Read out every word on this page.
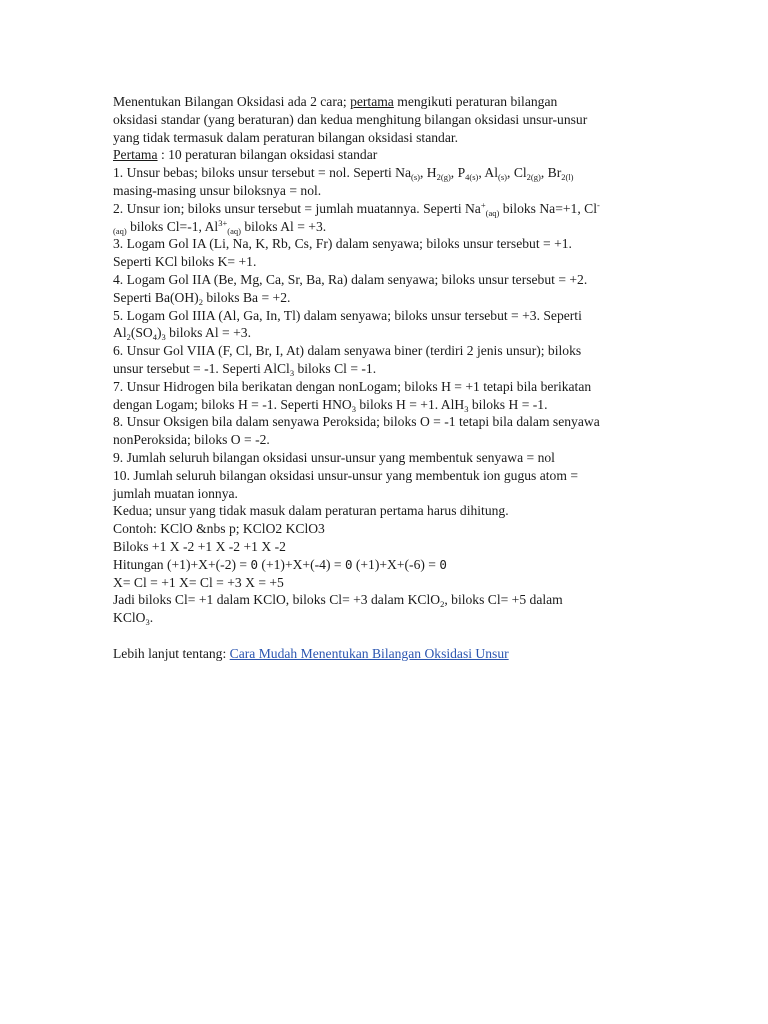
Menentukan Bilangan Oksidasi ada 2 cara; pertama mengikuti peraturan bilangan
oksidasi standar (yang beraturan) dan kedua menghitung bilangan oksidasi unsur-unsur
yang tidak termasuk dalam peraturan bilangan oksidasi standar.
Pertama : 10 peraturan bilangan oksidasi standar
1. Unsur bebas; biloks unsur tersebut = nol. Seperti $Na_{(s)}$, $H_{2(g)}$, $P_{4(s)}$, $Al_{(s)}$, $Cl_{2(g)}$, $Br_{2(l)}$
masing-masing unsur biloksnya = nol.
2. Unsur ion; biloks unsur tersebut = jumlah muatannya. Seperti $Na^+_{(aq)}$ biloks Na=+1, Cl-
$_{(aq)}$ biloks Cl=-1, $Al^{3+}_{(aq)}$ biloks Al = +3.
3. Logam Gol IA (Li, Na, K, Rb, Cs, Fr) dalam senyawa; biloks unsur tersebut = +1.
Seperti KCl biloks K= +1.
4. Logam Gol IIA (Be, Mg, Ca, Sr, Ba, Ra) dalam senyawa; biloks unsur tersebut = +2.
Seperti $Ba(OH)_2$ biloks Ba = +2.
5. Logam Gol IIIA (Al, Ga, In, Tl) dalam senyawa; biloks unsur tersebut = +3. Seperti
$Al_2(SO_4)_3$ biloks Al = +3.
6. Unsur Gol VIIA (F, Cl, Br, I, At) dalam senyawa biner (terdiri 2 jenis unsur); biloks
unsur tersebut = -1. Seperti AlCl$_3$ biloks Cl = -1.
7. Unsur Hidrogen bila berikatan dengan nonLogam; biloks H = +1 tetapi bila berikatan
dengan Logam; biloks H = -1. Seperti $HNO_3$ biloks H = +1. AlH$_3$ biloks H = -1.
8. Unsur Oksigen bila dalam senyawa Peroksida; biloks O = -1 tetapi bila dalam senyawa
nonPeroksida; biloks O = -2.
9. Jumlah seluruh bilangan oksidasi unsur-unsur yang membentuk senyawa = nol
10. Jumlah seluruh bilangan oksidasi unsur-unsur yang membentuk ion gugus atom =
jumlah muatan ionnya.
Kedua; unsur yang tidak masuk dalam peraturan pertama harus dihitung.
Contoh: KClO &nbs p; KClO2 KClO3
Biloks +1 X -2 +1 X -2 +1 X -2
Hitungan (+1)+X+(-2) = 0 (+1)+X+(-4) = 0 (+1)+X+(-6) = 0
X= Cl = +1 X= Cl = +3 X = +5
Jadi biloks Cl= +1 dalam KClO, biloks Cl= +3 dalam KClO$_2$, biloks Cl= +5 dalam
KClO$_3$.
Lebih lanjut tentang: Cara Mudah Menentukan Bilangan Oksidasi Unsur
